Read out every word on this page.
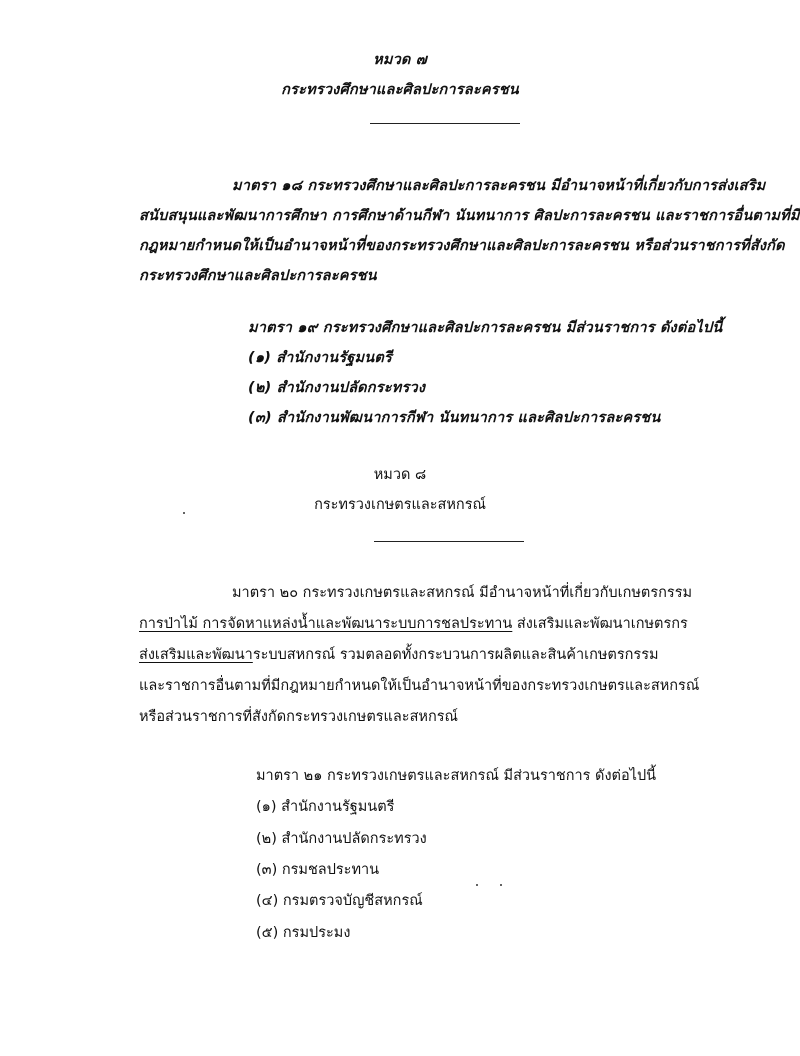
หมวด ๗
กระทรวงศึกษาและศิลปะการละครชน
มาตรา ๑๘ กระทรวงศึกษาและศิลปะการละครชน มีอำนาจหน้าที่เกี่ยวกับการส่งเสริม
สนับสนุนและพัฒนาการศึกษา การศึกษาด้านกีฬา นันทนาการ ศิลปะการละครชน และราชการอื่นตามที่มี
กฎหมายกำหนดให้เป็นอำนาจหน้าที่ของกระทรวงศึกษาและศิลปะการละครชน หรือส่วนราชการที่สังกัด
กระทรวงศึกษาและศิลปะการละครชน
มาตรา ๑๙ กระทรวงศึกษาและศิลปะการละครชน มีส่วนราชการ ดังต่อไปนี้
(๑) สำนักงานรัฐมนตรี
(๒) สำนักงานปลัดกระทรวง
(๓) สำนักงานพัฒนาการกีฬา นันทนาการ และศิลปะการละครชน
หมวด ๘
กระทรวงเกษตรและสหกรณ์
มาตรา ๒๐ กระทรวงเกษตรและสหกรณ์ มีอำนาจหน้าที่เกี่ยวกับเกษตรกรรม
การป่าไม้ การจัดหาแหล่งน้ำและพัฒนาระบบการชลประทาน ส่งเสริมและพัฒนาเกษตรกร
ส่งเสริมและพัฒนาระบบสหกรณ์ รวมตลอดทั้งกระบวนการผลิตและสินค้าเกษตรกรรม
และราชการอื่นตามที่มีกฎหมายกำหนดให้เป็นอำนาจหน้าที่ของกระทรวงเกษตรและสหกรณ์
หรือส่วนราชการที่สังกัดกระทรวงเกษตรและสหกรณ์
มาตรา ๒๑ กระทรวงเกษตรและสหกรณ์ มีส่วนราชการ ดังต่อไปนี้
(๑) สำนักงานรัฐมนตรี
(๒) สำนักงานปลัดกระทรวง
(๓) กรมชลประทาน
(๔) กรมตรวจบัญชีสหกรณ์
(๕) กรมประมง
